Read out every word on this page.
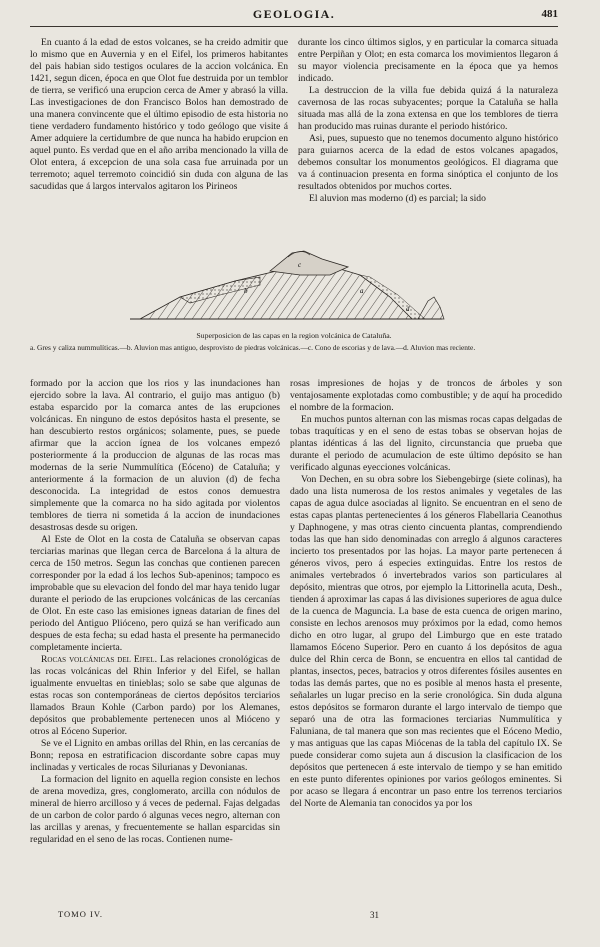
GEOLOGIA.	481

En cuanto á la edad de estos volcanes, se ha creido admitir que lo mismo que en Auvernia y en el Eifel, los primeros habitantes del pais habian sido testigos oculares de la accion volcánica. En 1421, segun dicen, época en que Olot fue destruida por un temblor de tierra, se verificó una erupcion cerca de Amer y abrasó la villa. Las investigaciones de don Francisco Bolos han demostrado de una manera convincente que el último episodio de esta historia no tiene verdadero fundamento histórico y todo geólogo que visite á Amer adquiere la certidumbre de que nunca ha habido erupcion en aquel punto. Es verdad que en el año arriba mencionado la villa de Olot entera, á excepcion de una sola casa fue arruinada por un terremoto; aquel terremoto coincidió sin duda con alguna de las sacudidas que á largos intervalos agitaron los Pirineos

durante los cinco últimos siglos, y en particular la comarca situada entre Perpiñan y Olot; en esta comarca los movimientos llegaron á su mayor violencia precisamente en la época que ya hemos indicado.

La destruccion de la villa fue debida quizá á la naturaleza cavernosa de las rocas subyacentes; porque la Cataluña se halla situada mas allá de la zona extensa en que los temblores de tierra han producido mas ruinas durante el periodo histórico.

Asi, pues, supuesto que no tenemos documento alguno histórico para guiarnos acerca de la edad de estos volcanes apagados, debemos consultar los monumentos geológicos. El diagrama que va á continuacion presenta en forma sinóptica el conjunto de los resultados obtenidos por muchos cortes.

El aluvion mas moderno (d) es parcial; la sido

b
c
a
d
Superposicion de las capas en la region volcánica de Cataluña.
a. Gres y caliza nummulíticas.—b. Aluvion mas antiguo, desprovisto de piedras volcánicas.—c. Cono de escorias y de lava.—d. Aluvion mas reciente.

formado por la accion que los rios y las inundaciones han ejercido sobre la lava. Al contrario, el guijo mas antiguo (b) estaba esparcido por la comarca antes de las erupciones volcánicas. En ninguno de estos depósitos hasta el presente, se han descubierto restos orgánicos; solamente, pues, se puede afirmar que la accion ígnea de los volcanes empezó posteriormente á la produccion de algunas de las rocas mas modernas de la serie Nummulítica (Eóceno) de Cataluña; y anteriormente á la formacion de un aluvion (d) de fecha desconocida. La integridad de estos conos demuestra simplemente que la comarca no ha sido agitada por violentos temblores de tierra ni sometida á la accion de inundaciones desastrosas desde su origen.

Al Este de Olot en la costa de Cataluña se observan capas terciarias marinas que llegan cerca de Barcelona á la altura de cerca de 150 metros. Segun las conchas que contienen parecen corresponder por la edad á los lechos Sub-apeninos; tampoco es improbable que su elevacion del fondo del mar haya tenido lugar durante el periodo de las erupciones volcánicas de las cercanías de Olot. En este caso las emisiones igneas datarian de fines del periodo del Antiguo Plióceno, pero quizá se han verificado aun despues de esta fecha; su edad hasta el presente ha permanecido completamente incierta.

Rocas volcánicas del Eifel. Las relaciones cronológicas de las rocas volcánicas del Rhin Inferior y del Eifel, se hallan igualmente envueltas en tinieblas; solo se sabe que algunas de estas rocas son contemporáneas de ciertos depósitos terciarios llamados Braun Kohle (Carbon pardo) por los Alemanes, depósitos que probablemente pertenecen unos al Mióceno y otros al Eóceno Superior.

Se ve el Lignito en ambas orillas del Rhin, en las cercanías de Bonn; reposa en estratificacion discordante sobre capas muy inclinadas y verticales de rocas Silurianas y Devonianas.

La formacion del lignito en aquella region consiste en lechos de arena movediza, gres, conglomerato, arcilla con nódulos de mineral de hierro arcilloso y á veces de pedernal. Fajas delgadas de un carbon de color pardo ó algunas veces negro, alternan con las arcillas y arenas, y frecuentemente se hallan esparcidas sin regularidad en el seno de las rocas. Contienen nume-

rosas impresiones de hojas y de troncos de árboles y son ventajosamente explotadas como combustible; y de aquí ha procedido el nombre de la formacion.

En muchos puntos alternan con las mismas rocas capas delgadas de tobas traquíticas y en el seno de estas tobas se observan hojas de plantas idénticas á las del lignito, circunstancia que prueba que durante el periodo de acumulacion de este último depósito se han verificado algunas eyecciones volcánicas.

Von Dechen, en su obra sobre los Siebengebirge (siete colinas), ha dado una lista numerosa de los restos animales y vegetales de las capas de agua dulce asociadas al lignito. Se encuentran en el seno de estas capas plantas pertenecientes á los géneros Flabellaria Ceanothus y Daphnogene, y mas otras ciento cincuenta plantas, comprendiendo todas las que han sido denominadas con arreglo á algunos caracteres incierto tos presentados por las hojas. La mayor parte pertenecen á géneros vivos, pero á especies extinguidas. Entre los restos de animales vertebrados ó invertebrados varios son particulares al depósito, mientras que otros, por ejemplo la Littorinella acuta, Desh., tienden á aproximar las capas á las divisiones superiores de agua dulce de la cuenca de Maguncia. La base de esta cuenca de origen marino, consiste en lechos arenosos muy próximos por la edad, como hemos dicho en otro lugar, al grupo del Limburgo que en este tratado llamamos Eóceno Superior. Pero en cuanto á los depósitos de agua dulce del Rhin cerca de Bonn, se encuentra en ellos tal cantidad de plantas, insectos, peces, batracios y otros diferentes fósiles ausentes en todas las demás partes, que no es posible al menos hasta el presente, señalarles un lugar preciso en la serie cronológica. Sin duda alguna estos depósitos se formaron durante el largo intervalo de tiempo que separó una de otra las formaciones terciarias Nummulítica y Faluniana, de tal manera que son mas recientes que el Eóceno Medio, y mas antiguas que las capas Miócenas de la tabla del capítulo IX. Se puede considerar como sujeta aun á discusion la clasificacion de los depósitos que pertenecen á este intervalo de tiempo y se han emitido en este punto diferentes opiniones por varios geólogos eminentes. Si por acaso se llegara á encontrar un paso entre los terrenos terciarios del Norte de Alemania tan conocidos ya por los

TOMO IV.	31
